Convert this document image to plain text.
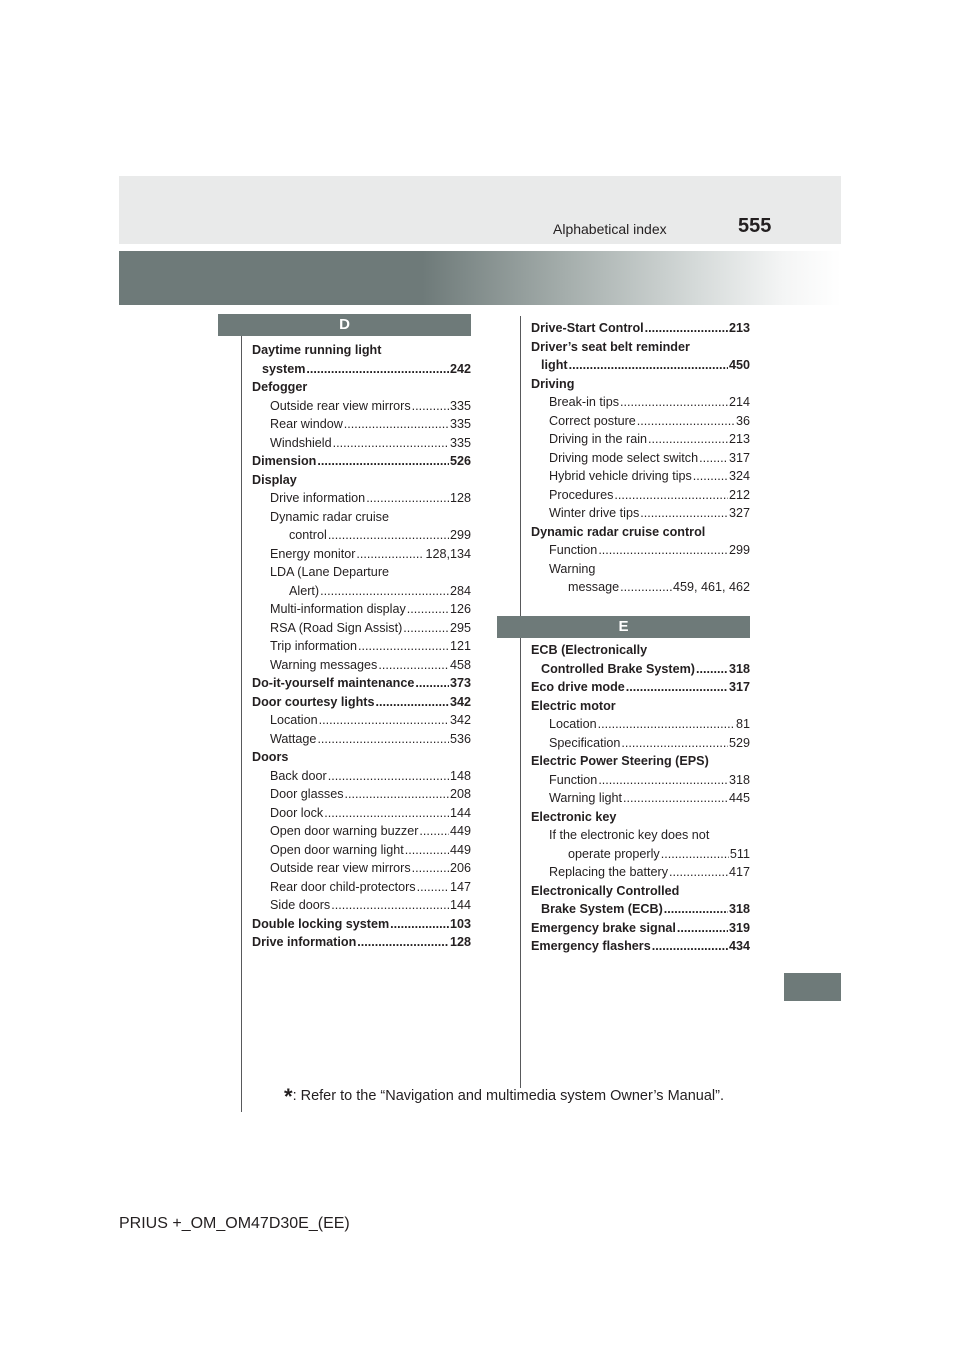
Alphabetical index	555
D
E
Daytime running light
system .....	242
Defogger
Outside rear view mirrors .....	335
Rear window .....	335
Windshield .....	335
Dimension .....	526
Display
Drive information .....	128
Dynamic radar cruise
control .....	299
Energy monitor .....	128,134
LDA (Lane Departure
Alert) .....	284
Multi-information display .....	126
RSA (Road Sign Assist) .....	295
Trip information .....	121
Warning messages .....	458
Do-it-yourself maintenance .....	373
Door courtesy lights .....	342
Location .....	342
Wattage .....	536
Doors
Back door .....	148
Door glasses .....	208
Door lock .....	144
Open door warning buzzer .....	449
Open door warning light .....	449
Outside rear view mirrors .....	206
Rear door child-protectors .....	147
Side doors .....	144
Double locking system .....	103
Drive information .....	128
Drive-Start Control .....	213
Driver’s seat belt reminder
light .....	450
Driving
Break-in tips .....	214
Correct posture .....	36
Driving in the rain .....	213
Driving mode select switch ..... 317
Hybrid vehicle driving tips .....	324
Procedures .....	212
Winter drive tips .....	327
Dynamic radar cruise control
Function .....	299
Warning
message .....	459, 461, 462
ECB (Electronically
Controlled Brake System) .....	318
Eco drive mode .....	317
Electric motor
Location .....	81
Specification .....	529
Electric Power Steering (EPS)
Function .....	318
Warning light .....	445
Electronic key
If the electronic key does not
operate properly .....	511
Replacing the battery .....	417
Electronically Controlled
Brake System (ECB) .....	318
Emergency brake signal .....	319
Emergency flashers .....	434
*: Refer to the “Navigation and multimedia system Owner’s Manual”.
PRIUS +_OM_OM47D30E_(EE)
